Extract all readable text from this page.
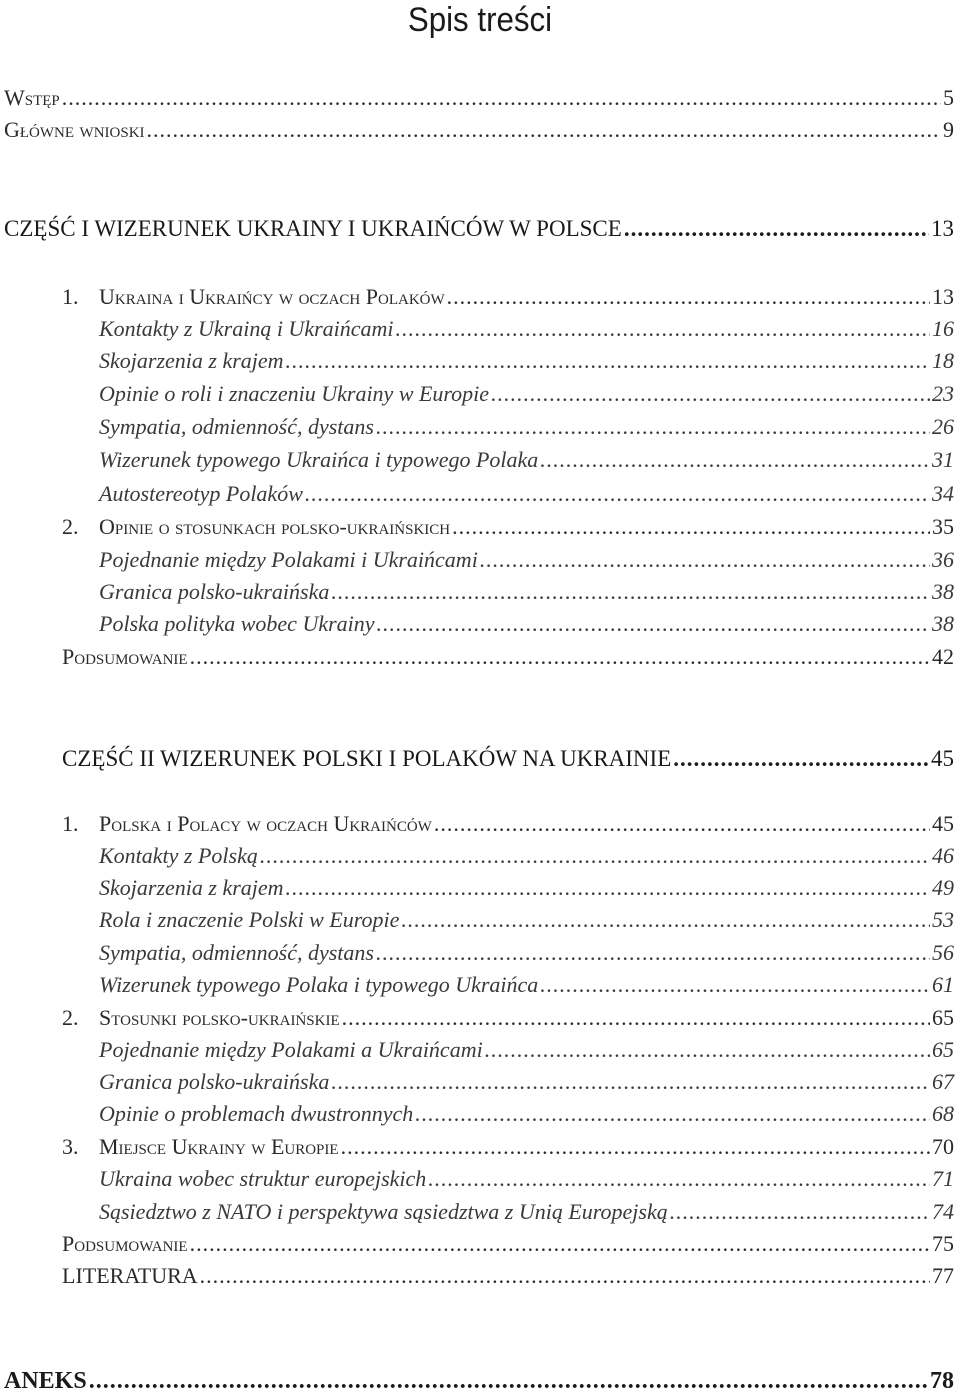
Spis treści
Wstęp .....	5
Główne wnioski .....	9
CZĘŚĆ I WIZERUNEK UKRAINY I UKRAIŃCÓW W POLSCE .....	13
1. Ukraina i Ukraińcy w oczach Polaków .....	13
Kontakty z Ukrainą i Ukraińcami .....	16
Skojarzenia z krajem .....	18
Opinie o roli i znaczeniu Ukrainy w Europie .....	23
Sympatia, odmienność, dystans .....	26
Wizerunek typowego Ukraińca i typowego Polaka .....	31
Autostereotyp Polaków .....	34
2. Opinie o stosunkach polsko-ukraińskich .....	35
Pojednanie między Polakami i Ukraińcami .....	36
Granica polsko-ukraińska .....	38
Polska polityka wobec Ukrainy .....	38
Podsumowanie .....	42
CZĘŚĆ II WIZERUNEK POLSKI I POLAKÓW NA UKRAINIE .....	45
1. Polska i Polacy w oczach Ukraińców .....	45
Kontakty z Polską .....	46
Skojarzenia z krajem .....	49
Rola i znaczenie Polski w Europie .....	53
Sympatia, odmienność, dystans .....	56
Wizerunek typowego Polaka i typowego Ukraińca .....	61
2. Stosunki polsko-ukraińskie .....	65
Pojednanie między Polakami a Ukraińcami .....	65
Granica polsko-ukraińska .....	67
Opinie o problemach dwustronnych .....	68
3. Miejsce Ukrainy w Europie .....	70
Ukraina wobec struktur europejskich .....	71
Sąsiedztwo z NATO i perspektywa sąsiedztwa z Unią Europejską .....	74
Podsumowanie .....	75
LITERATURA .....	77
ANEKS .....	78
